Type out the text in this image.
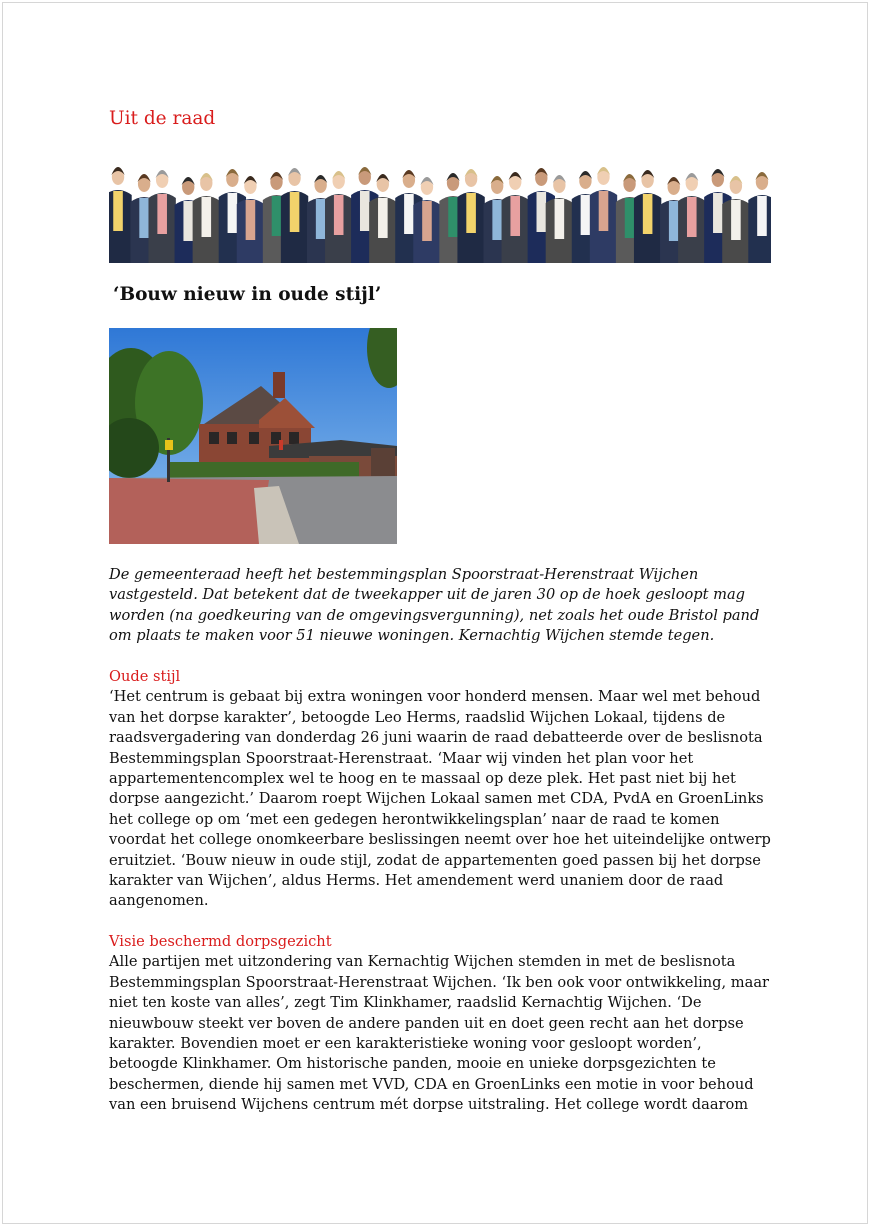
Uit de raad
‘Bouw nieuw in oude stijl’

De gemeenteraad heeft het bestemmingsplan Spoorstraat-Herenstraat Wijchen vastgesteld. Dat betekent dat de tweekapper uit de jaren 30 op de hoek gesloopt mag worden (na goedkeuring van de omgevingsvergunning), net zoals het oude Bristol pand om plaats te maken voor 51 nieuwe woningen. Kernachtig Wijchen stemde tegen.

Oude stijl

‘Het centrum is gebaat bij extra woningen voor honderd mensen. Maar wel met behoud van het dorpse karakter’, betoogde Leo Herms, raadslid Wijchen Lokaal, tijdens de raadsvergadering van donderdag 26 juni waarin de raad debatteerde over de beslisnota Bestemmingsplan Spoorstraat-Herenstraat. ‘Maar wij vinden het plan voor het appartementencomplex wel te hoog en te massaal op deze plek. Het past niet bij het dorpse aangezicht.’ Daarom roept Wijchen Lokaal samen met CDA, PvdA en GroenLinks het college op om ‘met een gedegen herontwikkelingsplan’ naar de raad te komen voordat het college onomkeerbare beslissingen neemt over hoe het uiteindelijke ontwerp eruitziet. ‘Bouw nieuw in oude stijl, zodat de appartementen goed passen bij het dorpse karakter van Wijchen’, aldus Herms. Het amendement werd unaniem door de raad aangenomen.

Visie beschermd dorpsgezicht

Alle partijen met uitzondering van Kernachtig Wijchen stemden in met de beslisnota Bestemmingsplan Spoorstraat-Herenstraat Wijchen. ‘Ik ben ook voor ontwikkeling, maar niet ten koste van alles’, zegt Tim Klinkhamer, raadslid Kernachtig Wijchen. ‘De nieuwbouw steekt ver boven de andere panden uit en doet geen recht aan het dorpse karakter. Bovendien moet er een karakteristieke woning voor gesloopt worden’, betoogde Klinkhamer. Om historische panden, mooie en unieke dorpsgezichten te beschermen, diende hij samen met VVD, CDA en GroenLinks een motie in voor behoud van een bruisend Wijchens centrum mét dorpse uitstraling. Het college wordt daarom
